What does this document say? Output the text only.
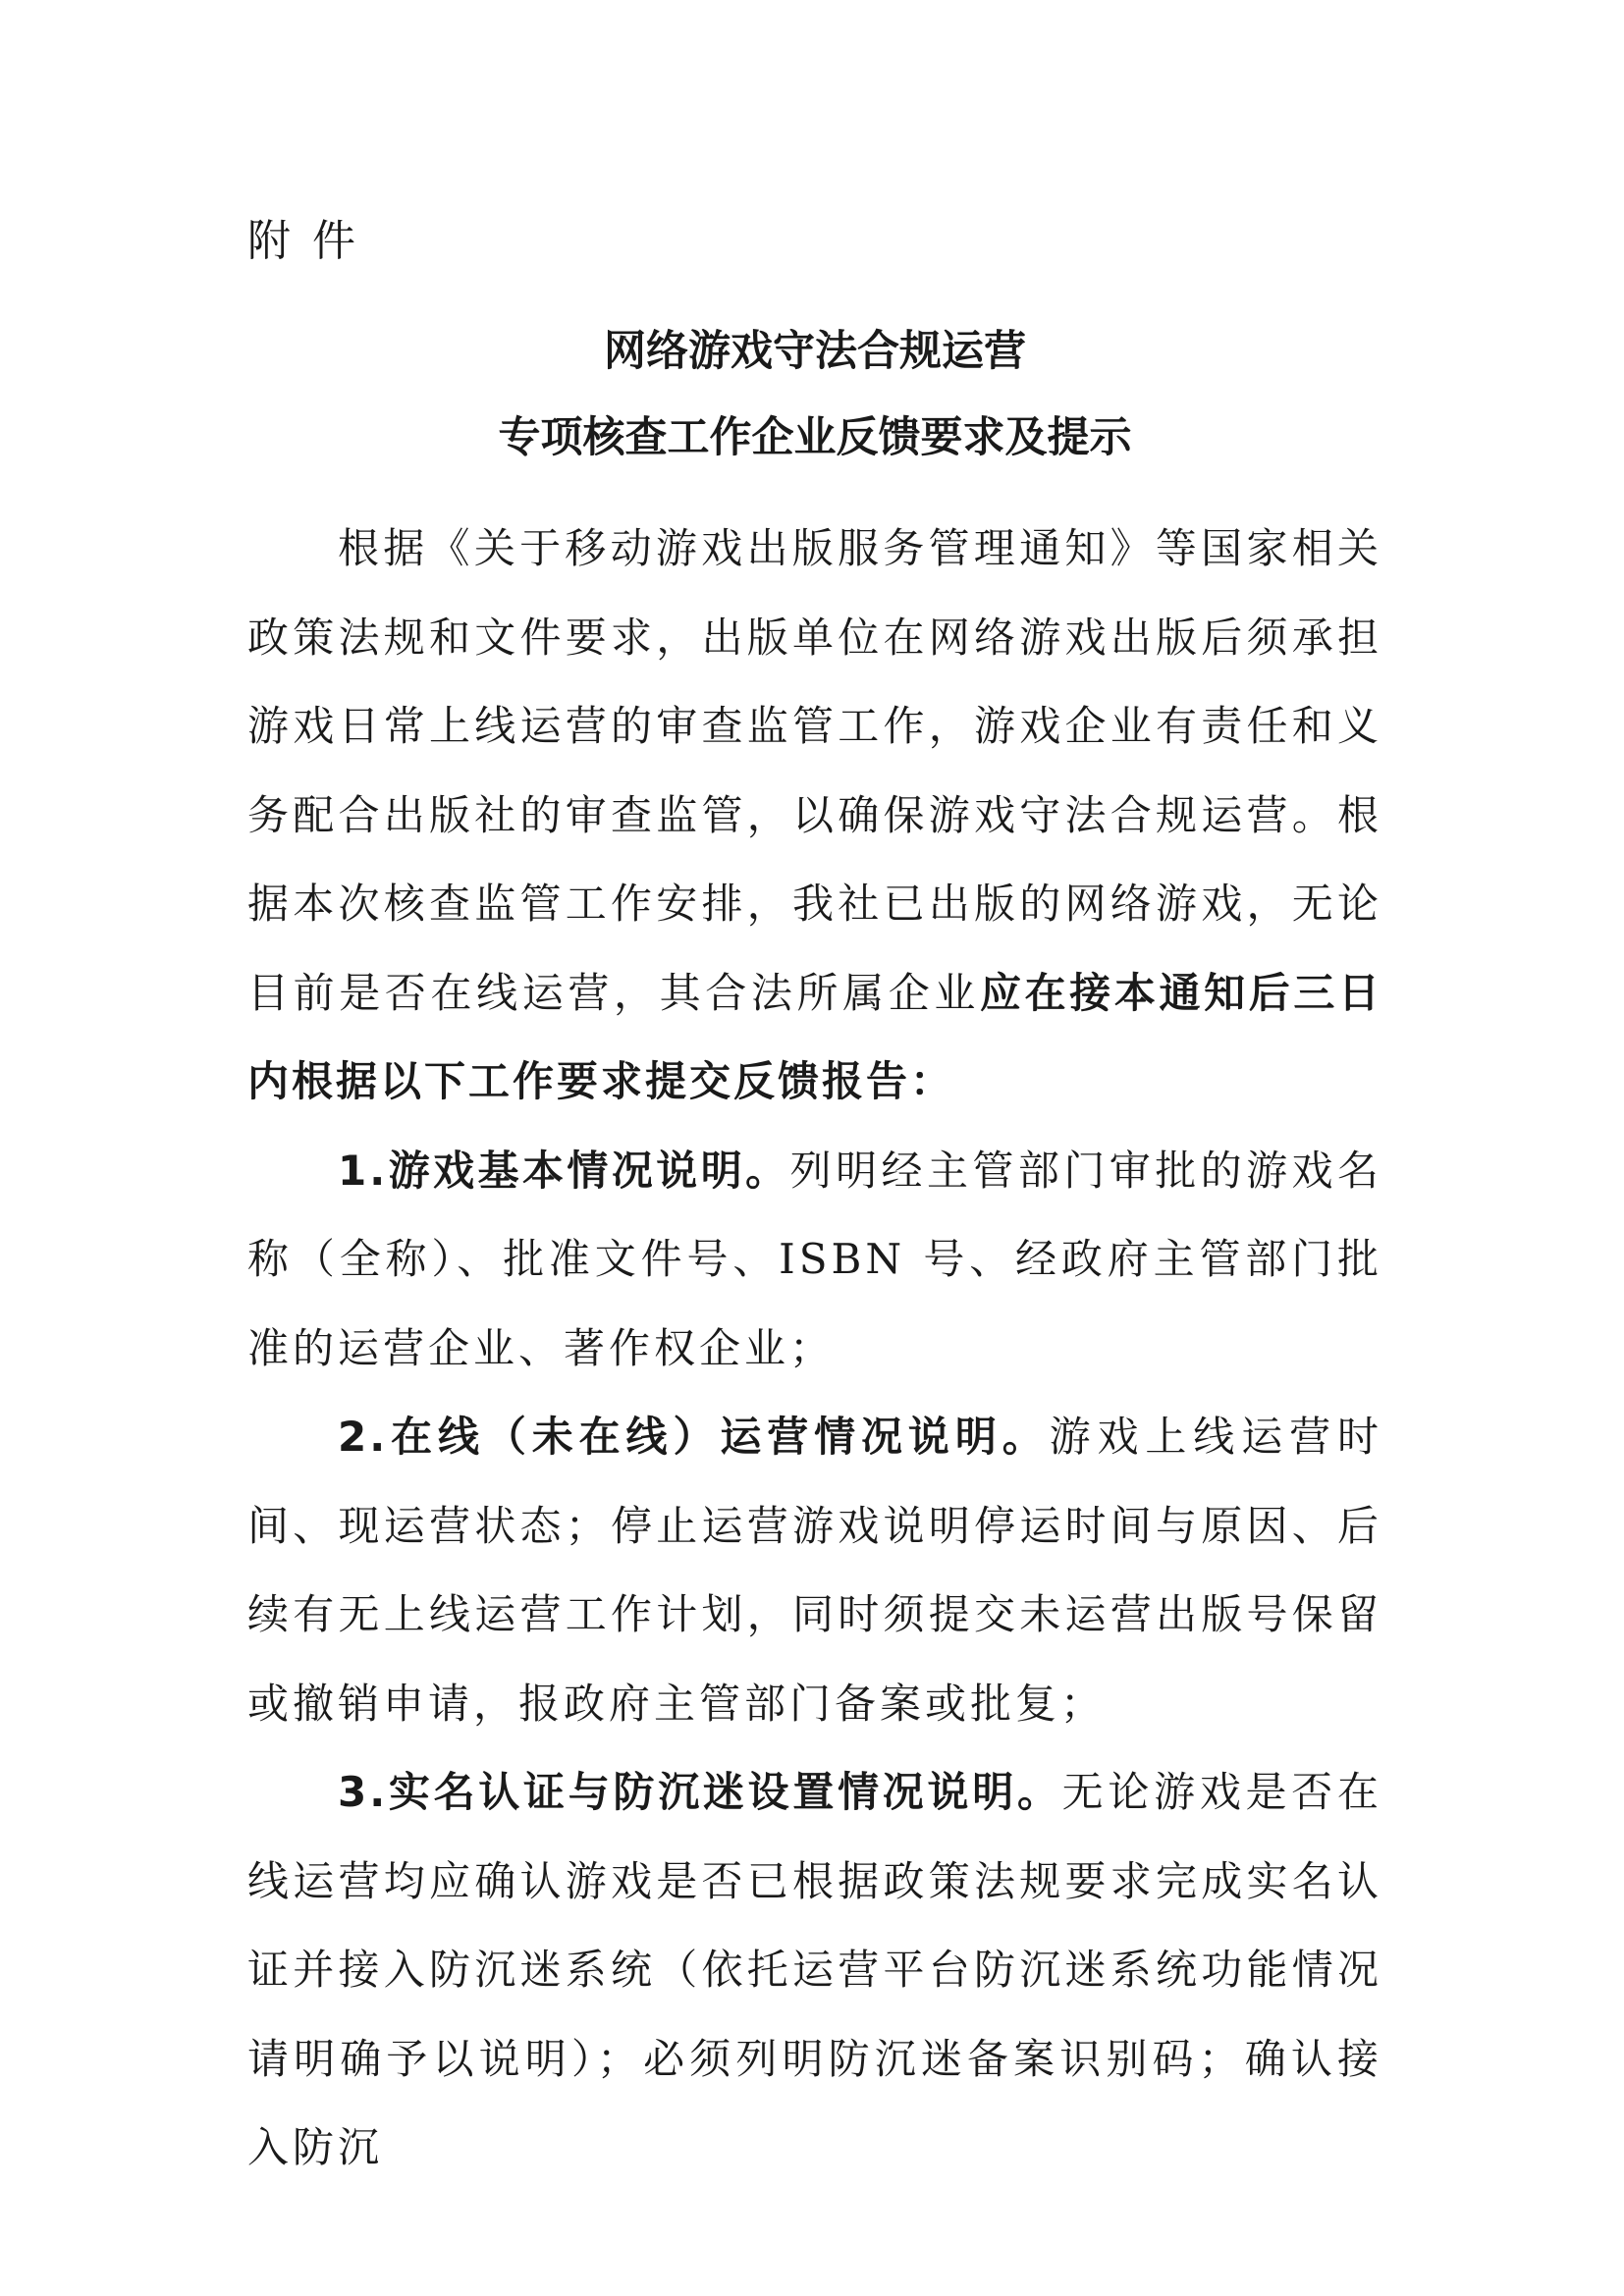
附件
网络游戏守法合规运营
专项核查工作企业反馈要求及提示

根据《关于移动游戏出版服务管理通知》等国家相关政策法规和文件要求，出版单位在网络游戏出版后须承担游戏日常上线运营的审查监管工作，游戏企业有责任和义务配合出版社的审查监管，以确保游戏守法合规运营。根据本次核查监管工作安排，我社已出版的网络游戏，无论目前是否在线运营，其合法所属企业应在接本通知后三日内根据以下工作要求提交反馈报告：

1.游戏基本情况说明。列明经主管部门审批的游戏名称（全称）、批准文件号、ISBN 号、经政府主管部门批准的运营企业、著作权企业；

2.在线（未在线）运营情况说明。游戏上线运营时间、现运营状态；停止运营游戏说明停运时间与原因、后续有无上线运营工作计划，同时须提交未运营出版号保留或撤销申请，报政府主管部门备案或批复；

3.实名认证与防沉迷设置情况说明。无论游戏是否在线运营均应确认游戏是否已根据政策法规要求完成实名认证并接入防沉迷系统（依托运营平台防沉迷系统功能情况请明确予以说明）；必须列明防沉迷备案识别码；确认接入防沉
